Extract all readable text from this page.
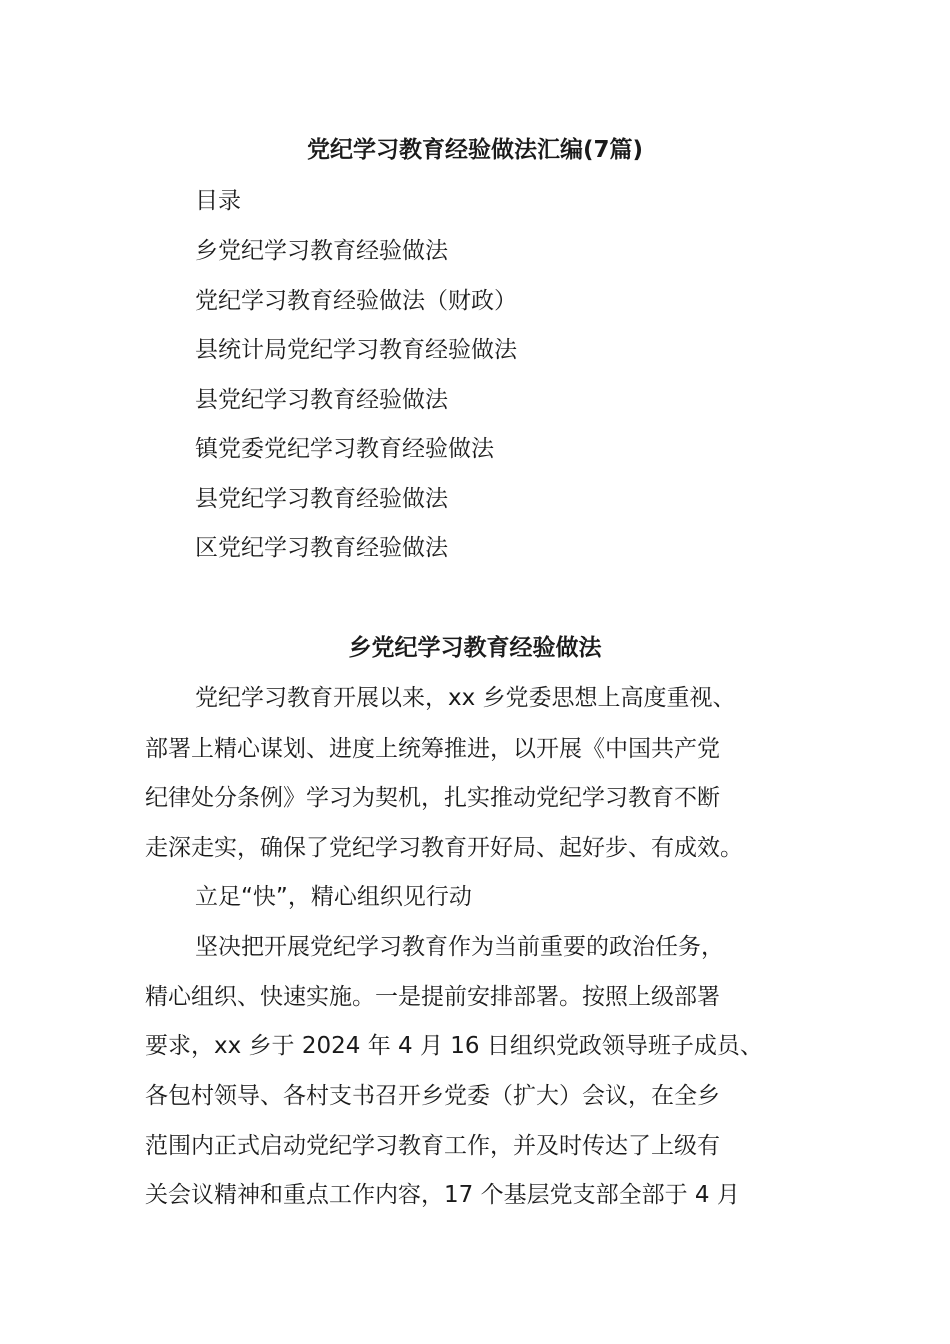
党纪学习教育经验做法汇编(7篇)
目录
乡党纪学习教育经验做法
党纪学习教育经验做法（财政）
县统计局党纪学习教育经验做法
县党纪学习教育经验做法
镇党委党纪学习教育经验做法
县党纪学习教育经验做法
区党纪学习教育经验做法
乡党纪学习教育经验做法
党纪学习教育开展以来，xx 乡党委思想上高度重视、
部署上精心谋划、进度上统筹推进，以开展《中国共产党
纪律处分条例》学习为契机，扎实推动党纪学习教育不断
走深走实，确保了党纪学习教育开好局、起好步、有成效。
立足“快”，精心组织见行动
坚决把开展党纪学习教育作为当前重要的政治任务，
精心组织、快速实施。一是提前安排部署。按照上级部署
要求，xx 乡于 2024 年 4 月 16 日组织党政领导班子成员、
各包村领导、各村支书召开乡党委（扩大）会议，在全乡
范围内正式启动党纪学习教育工作，并及时传达了上级有
关会议精神和重点工作内容，17 个基层党支部全部于 4 月
